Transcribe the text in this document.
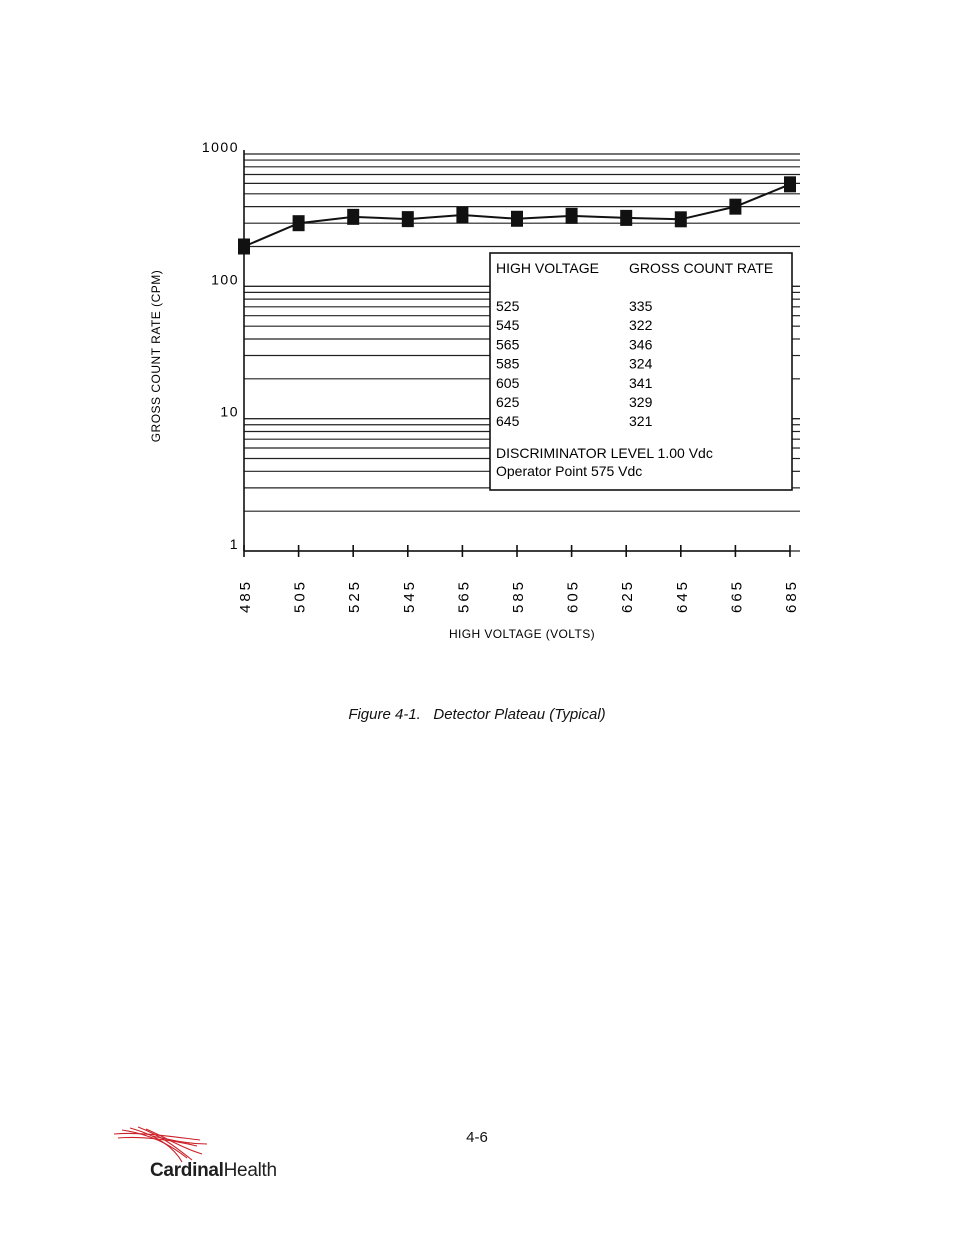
1000
100
10
1
485	505	525	545	565	585	605	625	645	665	685
HIGH VOLTAGE GROSS COUNT RATE
525	335
545	322
565	346
585	324
605	341
625	329
645	321
DISCRIMINATOR LEVEL 1.00 Vdc
Operator Point 575 Vdc
GROSS COUNT RATE (CPM)
HIGH VOLTAGE (VOLTS)
Figure 4-1. Detector Plateau (Typical)
4-6
CardinalHealth
